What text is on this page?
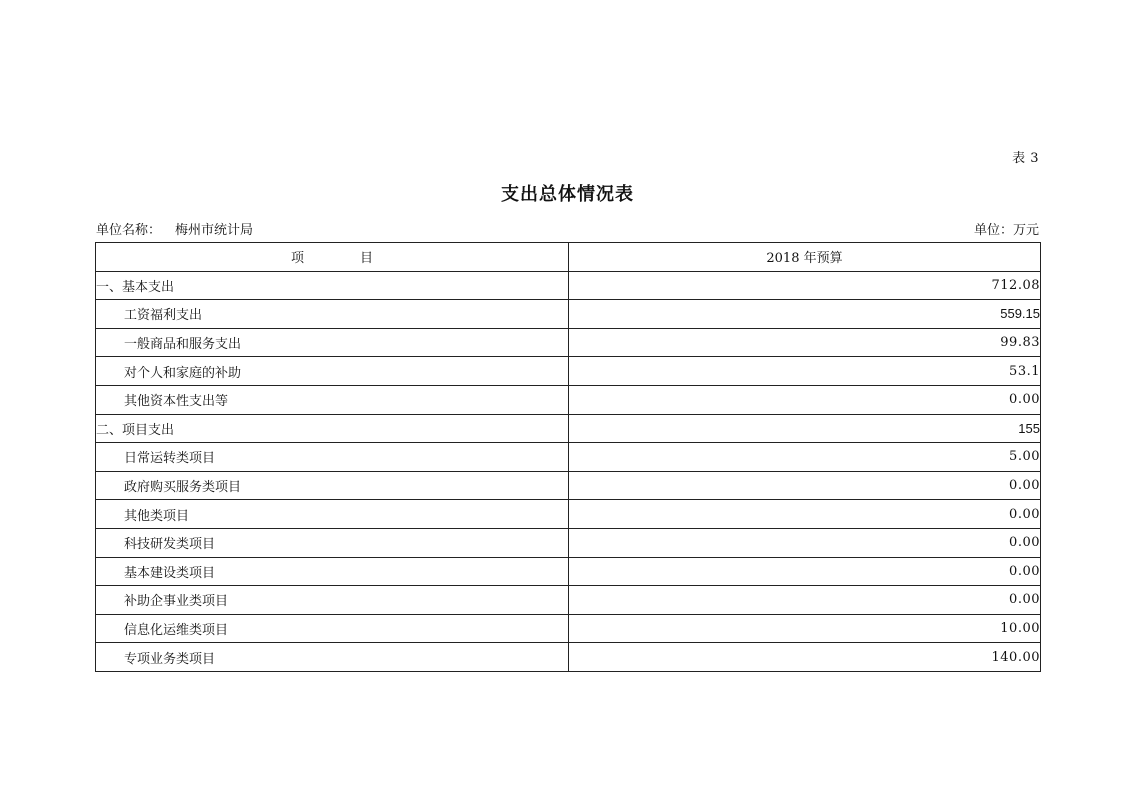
表 3
支出总体情况表
单位名称： 梅州市统计局	单位：万元
项 目	2018 年预算
一、基本支出	712.08
工资福利支出	559.15
一般商品和服务支出	99.83
对个人和家庭的补助	53.1
其他资本性支出等	0.00
二、项目支出	155
日常运转类项目	5.00
政府购买服务类项目	0.00
其他类项目	0.00
科技研发类项目	0.00
基本建设类项目	0.00
补助企事业类项目	0.00
信息化运维类项目	10.00
专项业务类项目	140.00
